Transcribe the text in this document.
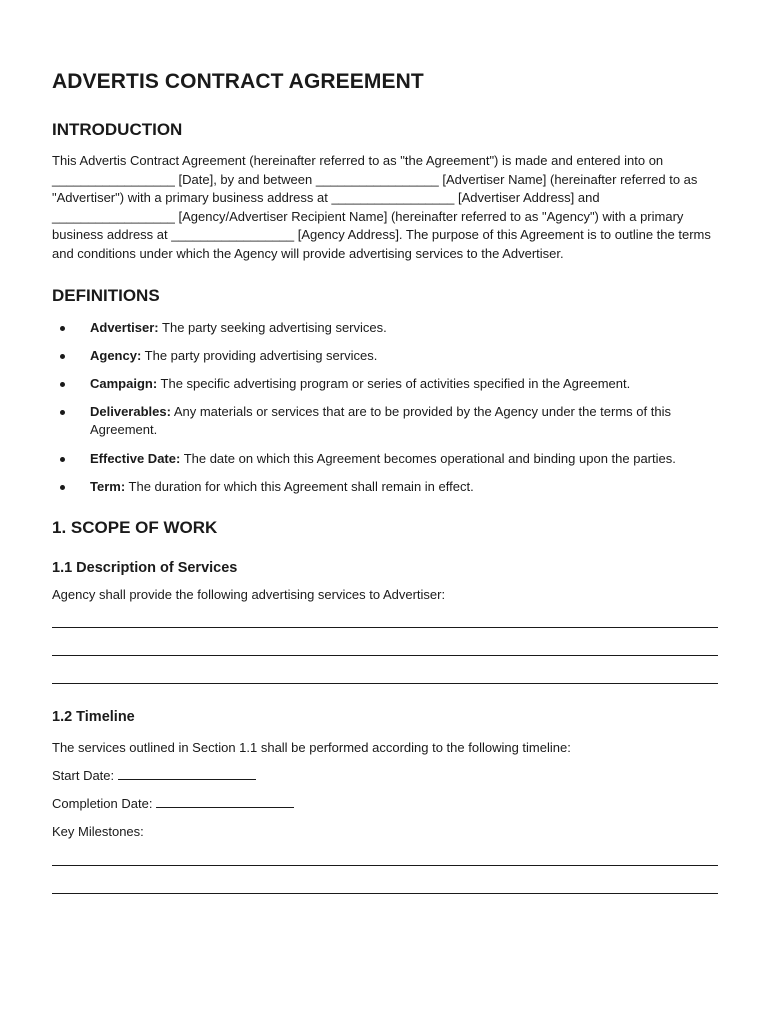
ADVERTIS CONTRACT AGREEMENT
INTRODUCTION

This Advertis Contract Agreement (hereinafter referred to as "the Agreement") is made and entered into on _________________ [Date], by and between _________________ [Advertiser Name] (hereinafter referred to as "Advertiser") with a primary business address at _________________ [Advertiser Address] and _________________ [Agency/Advertiser Recipient Name] (hereinafter referred to as "Agency") with a primary business address at _________________ [Agency Address]. The purpose of this Agreement is to outline the terms and conditions under which the Agency will provide advertising services to the Advertiser.

DEFINITIONS
Advertiser: The party seeking advertising services.
Agency: The party providing advertising services.
Campaign: The specific advertising program or series of activities specified in the Agreement.
Deliverables: Any materials or services that are to be provided by the Agency under the terms of this Agreement.
Effective Date: The date on which this Agreement becomes operational and binding upon the parties.
Term: The duration for which this Agreement shall remain in effect.
1. SCOPE OF WORK
1.1 Description of Services

Agency shall provide the following advertising services to Advertiser:

1.2 Timeline

The services outlined in Section 1.1 shall be performed according to the following timeline:

Start Date:

Completion Date:

Key Milestones:
